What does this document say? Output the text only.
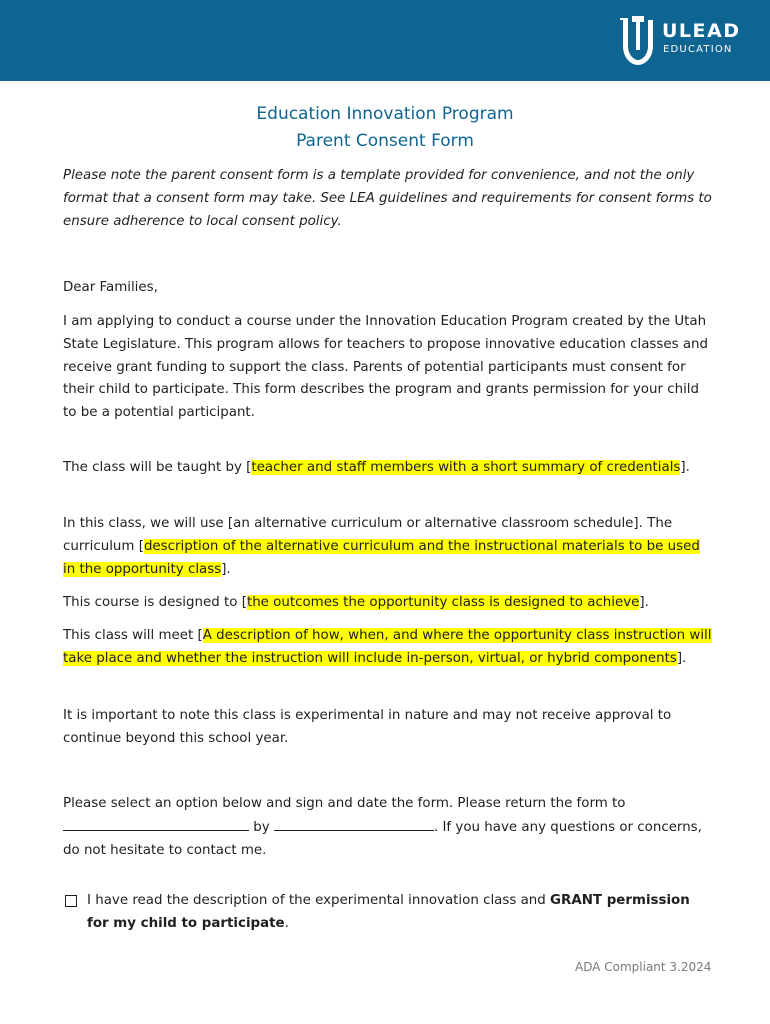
ULEAD
EDUCATION
Education Innovation Program
Parent Consent Form
Please note the parent consent form is a template provided for convenience, and not the only format that a consent form may take. See LEA guidelines and requirements for consent forms to ensure adherence to local consent policy.
Dear Families,
I am applying to conduct a course under the Innovation Education Program created by the Utah State Legislature. This program allows for teachers to propose innovative education classes and receive grant funding to support the class. Parents of potential participants must consent for their child to participate. This form describes the program and grants permission for your child to be a potential participant.
The class will be taught by [teacher and staff members with a short summary of credentials].
In this class, we will use [an alternative curriculum or alternative classroom schedule]. The curriculum [description of the alternative curriculum and the instructional materials to be used in the opportunity class].
This course is designed to [the outcomes the opportunity class is designed to achieve].
This class will meet [A description of how, when, and where the opportunity class instruction will take place and whether the instruction will include in-person, virtual, or hybrid components].
It is important to note this class is experimental in nature and may not receive approval to continue beyond this school year.
Please select an option below and sign and date the form. Please return the form to  by	. If you have any questions or concerns, do not hesitate to contact me.
I have read the description of the experimental innovation class and GRANT permission for my child to participate.
ADA Compliant 3.2024
